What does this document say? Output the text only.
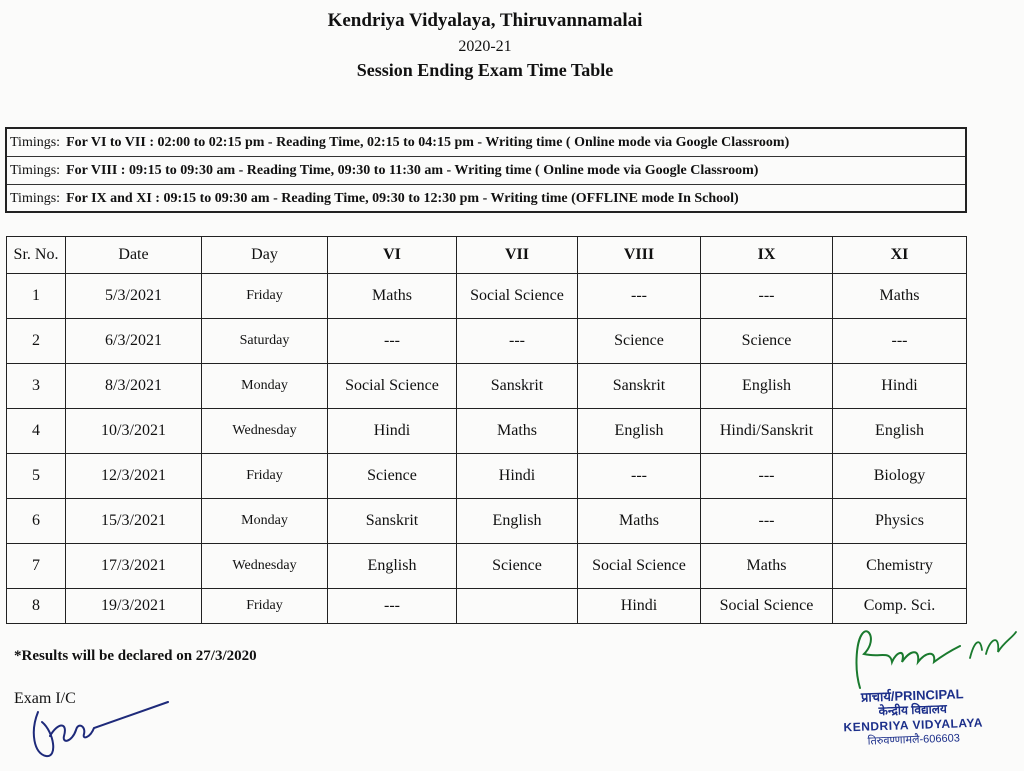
Kendriya Vidyalaya, Thiruvannamalai
2020-21
Session Ending Exam Time Table
Timings: For VI to VII : 02:00 to 02:15 pm - Reading Time, 02:15 to 04:15 pm - Writing time ( Online mode via Google Classroom)
Timings: For VIII : 09:15 to 09:30 am - Reading Time, 09:30 to 11:30 am - Writing time ( Online mode via Google Classroom)
Timings: For IX and XI : 09:15 to 09:30 am - Reading Time, 09:30 to 12:30 pm - Writing time (OFFLINE mode In School)
Sr. No.	Date	Day	VI	VII	VIII	IX	XI
1	5/3/2021	Friday	Maths	Social Science	---	---	Maths
2	6/3/2021	Saturday	---	---	Science	Science	---
3	8/3/2021	Monday	Social Science	Sanskrit	Sanskrit	English	Hindi
4	10/3/2021	Wednesday	Hindi	Maths	English	Hindi/Sanskrit	English
5	12/3/2021	Friday	Science	Hindi	---	---	Biology
6	15/3/2021	Monday	Sanskrit	English	Maths	---	Physics
7	17/3/2021	Wednesday	English	Science	Social Science	Maths	Chemistry
8	19/3/2021	Friday	---		Hindi	Social Science	Comp. Sci.
*Results will be declared on 27/3/2020
Exam I/C	प्राचार्य/PRINCIPAL
केन्द्रीय विद्यालय
KENDRIYA VIDYALAYA
तिरुवण्णामलै-606603
